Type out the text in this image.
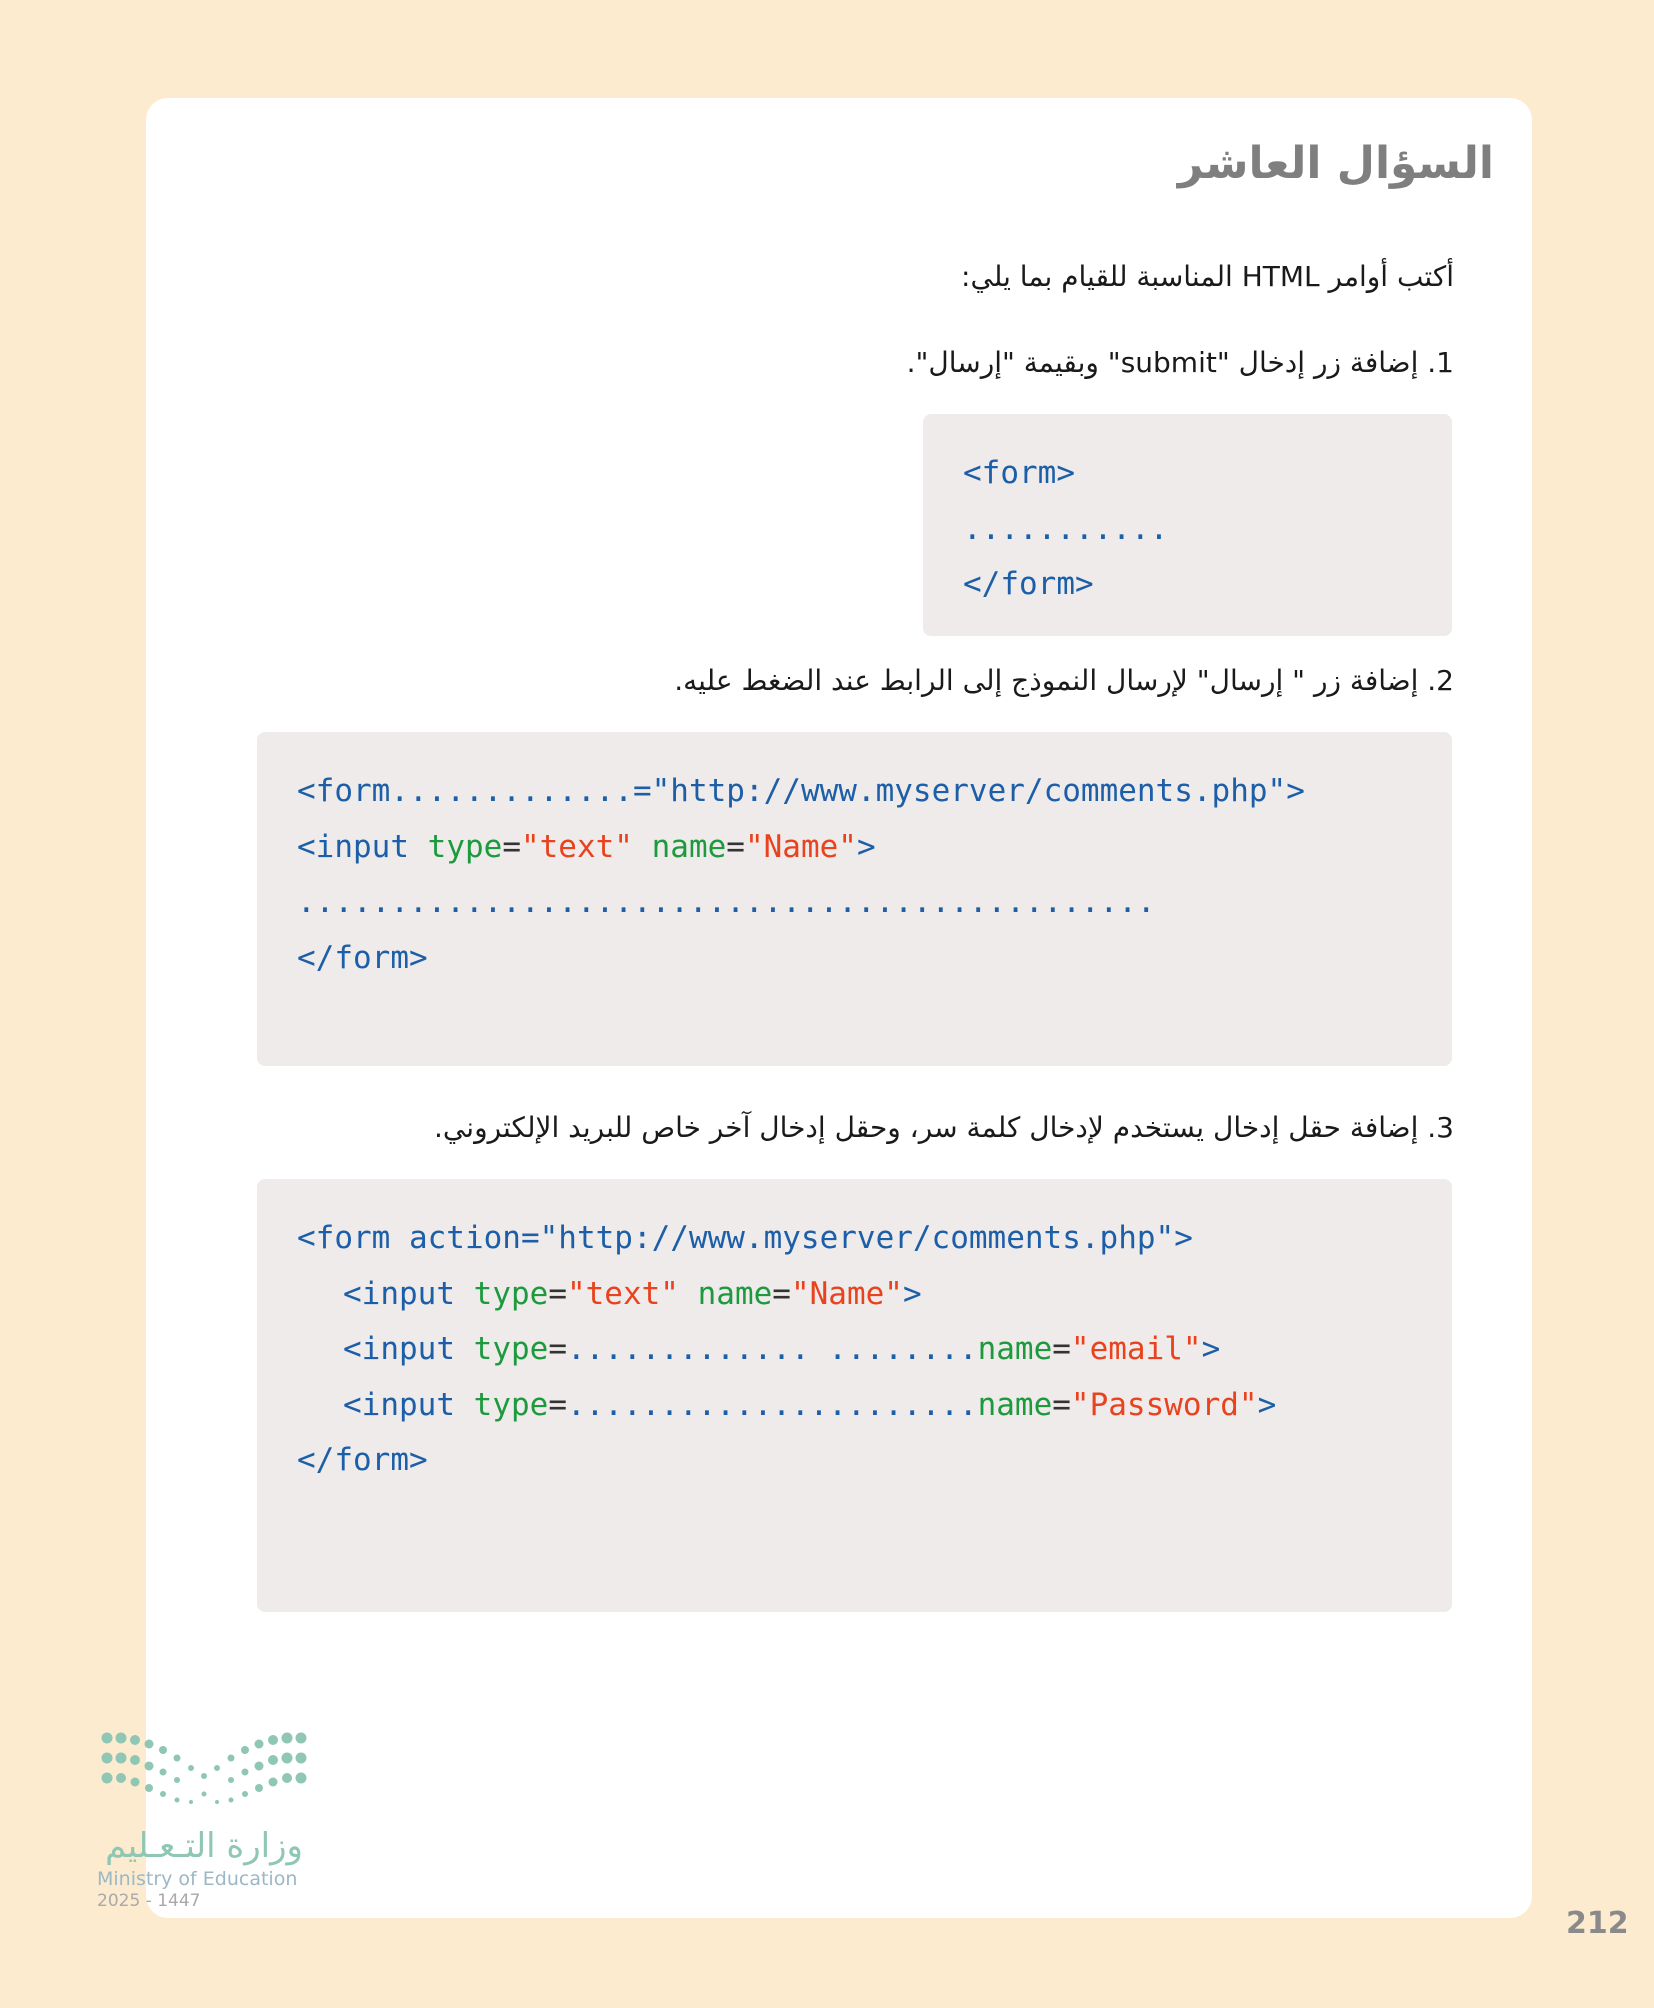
السؤال العاشر
أكتب أوامر HTML المناسبة للقيام بما يلي:
1. إضافة زر إدخال "submit" وبقيمة "إرسال".
<form>
...........
</form>
2. إضافة زر " إرسال" لإرسال النموذج إلى الرابط عند الضغط عليه.
<form.............="http://www.myserver/comments.php">
<input type="text" name="Name">
..............................................
</form>
3. إضافة حقل إدخال يستخدم لإدخال كلمة سر، وحقل إدخال آخر خاص للبريد الإلكتروني.
<form action="http://www.myserver/comments.php">
<input type="text" name="Name">
<input type=............. ........name="email">
<input type=......................name="Password">
</form>
وزارة التـعـليم
Ministry of Education
2025 - 1447
212
